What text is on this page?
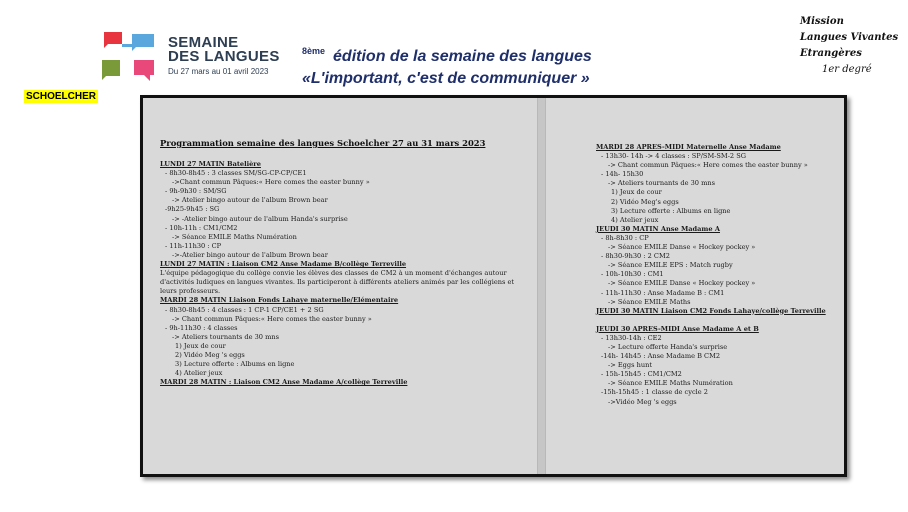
SEMAINE
DES LANGUES
Du 27 mars au 01 avril 2023
$^{8ème}$ édition de la semaine des langues
«L'important, c'est de communiquer »
Mission
Langues Vivantes
Etrangères
1er degré
SCHOELCHER
Programmation semaine des langues Schoelcher 27 au 31 mars 2023
LUNDI 27 MATIN Batelière
- 8h30-8h45 : 3 classes SM/SG-CP-CP/CE1
->Chant commun Pâques:« Here comes the easter bunny »
- 9h-9h30 : SM/SG
-> Atelier bingo autour de l'album Brown bear
-9h25-9h45 : SG
-> -Atelier bingo autour de l'album Handa's surprise
- 10h-11h : CM1/CM2
-> Séance EMILE Maths Numération
- 11h-11h30 : CP
->-Atelier bingo autour de l'album Brown bear
LUNDI 27 MATIN : Liaison CM2 Anse Madame B/collège Terreville
L'équipe pédagogique du collège convie les élèves des classes de CM2 à un moment d'échanges autour d'activités ludiques en langues vivantes. Ils participeront à différents ateliers animés par les collégiens et leurs professeurs.
MARDI 28 MATIN Liaison Fonds Lahaye maternelle/Elémentaire
- 8h30-8h45 : 4 classes : 1 CP-1 CP/CE1 + 2 SG
-> Chant commun Pâques:« Here comes the easter bunny »
- 9h-11h30 : 4 classes
-> Ateliers tournants de 30 mns
1) Jeux de cour
2) Vidéo Meg 's eggs
3) Lecture offerte : Albums en ligne
4) Atelier jeux
MARDI 28 MATIN : Liaison CM2 Anse Madame A/collège Terreville
MARDI 28 APRES-MIDI Maternelle Anse Madame
- 13h30- 14h -> 4 classes : SP/SM-SM-2 SG
-> Chant commun Pâques:« Here comes the easter bunny »
- 14h- 15h30
-> Ateliers tournants de 30 mns
1) Jeux de cour
2) Vidéo Meg's eggs
3) Lecture offerte : Albums en ligne
4) Atelier jeux
JEUDI 30 MATIN Anse Madame A
- 8h-8h30 : CP
-> Séance EMILE Danse « Hockey pockey »
- 8h30-9h30 : 2 CM2
-> Séance EMILE EPS : Match rugby
- 10h-10h30 : CM1
-> Séance EMILE Danse « Hockey pockey »
- 11h-11h30 : Anse Madame B : CM1
-> Séance EMILE Maths
JEUDI 30 MATIN Liaison CM2 Fonds Lahaye/collège Terreville
JEUDI 30 APRES-MIDI Anse Madame A et B
- 13h30-14h : CE2
-> Lecture offerte Handa's surprise
-14h- 14h45 : Anse Madame B CM2
-> Eggs hunt
- 15h-15h45 : CM1/CM2
-> Séance EMILE Maths Numération
-15h-15h45 : 1 classe de cycle 2
->Vidéo Meg 's eggs
